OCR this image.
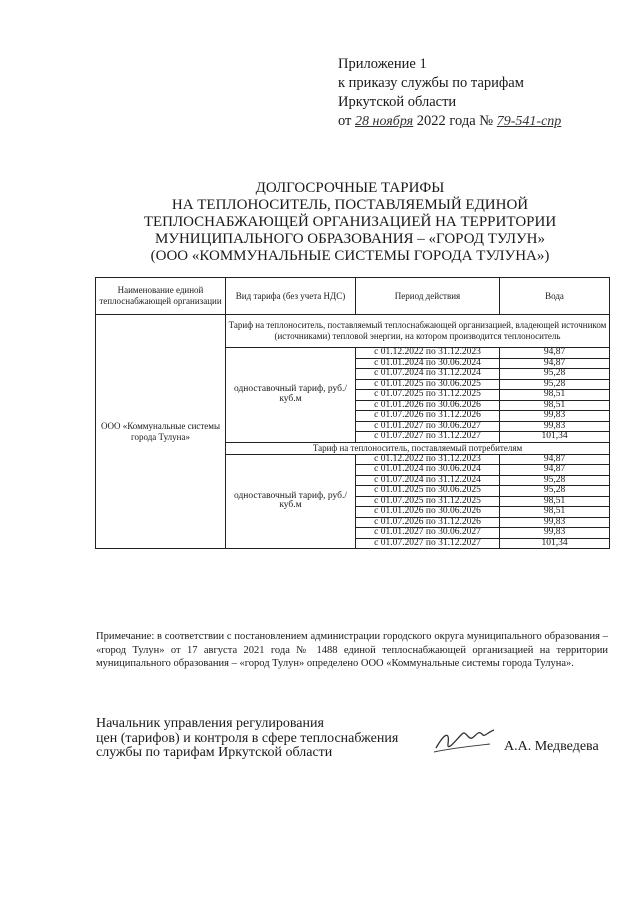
Приложение 1
к приказу службы по тарифам
Иркутской области
от 28 ноября 2022 года № 79-541-спр
ДОЛГОСРОЧНЫЕ ТАРИФЫ
НА ТЕПЛОНОСИТЕЛЬ, ПОСТАВЛЯЕМЫЙ ЕДИНОЙ
ТЕПЛОСНАБЖАЮЩЕЙ ОРГАНИЗАЦИЕЙ НА ТЕРРИТОРИИ
МУНИЦИПАЛЬНОГО ОБРАЗОВАНИЯ – «ГОРОД ТУЛУН»
(ООО «КОММУНАЛЬНЫЕ СИСТЕМЫ ГОРОДА ТУЛУНА»)
Наименование единой теплоснабжающей организации	Вид тарифа (без учета НДС)	Период действия	Вода
ООО «Коммунальные системы города Тулуна»	Тариф на теплоноситель, поставляемый теплоснабжающей организацией, владеющей источником (источниками) тепловой энергии, на котором производится теплоноситель		
	одноставочный тариф, руб./куб.м	с 01.12.2022 по 31.12.2023	94,87
		с 01.01.2024 по 30.06.2024	94,87
		с 01.07.2024 по 31.12.2024	95,28
		с 01.01.2025 по 30.06.2025	95,28
		с 01.07.2025 по 31.12.2025	98,51
		с 01.01.2026 по 30.06.2026	98,51
		с 01.07.2026 по 31.12.2026	99,83
		с 01.01.2027 по 30.06.2027	99,83
		с 01.07.2027 по 31.12.2027	101,34
	Тариф на теплоноситель, поставляемый потребителям		
	одноставочный тариф, руб./куб.м	с 01.12.2022 по 31.12.2023	94,87
		с 01.01.2024 по 30.06.2024	94,87
		с 01.07.2024 по 31.12.2024	95,28
		с 01.01.2025 по 30.06.2025	95,28
		с 01.07.2025 по 31.12.2025	98,51
		с 01.01.2026 по 30.06.2026	98,51
		с 01.07.2026 по 31.12.2026	99,83
		с 01.01.2027 по 30.06.2027	99,83
		с 01.07.2027 по 31.12.2027	101,34
Примечание: в соответствии с постановлением администрации городского округа муниципального образования – «город Тулун» от 17 августа 2021 года № 1488 единой теплоснабжающей организацией на территории муниципального образования – «город Тулун» определено ООО «Коммунальные системы города Тулуна».
Начальник управления регулирования
цен (тарифов) и контроля в сфере теплоснабжения
службы по тарифам Иркутской области	А.А. Медведева
